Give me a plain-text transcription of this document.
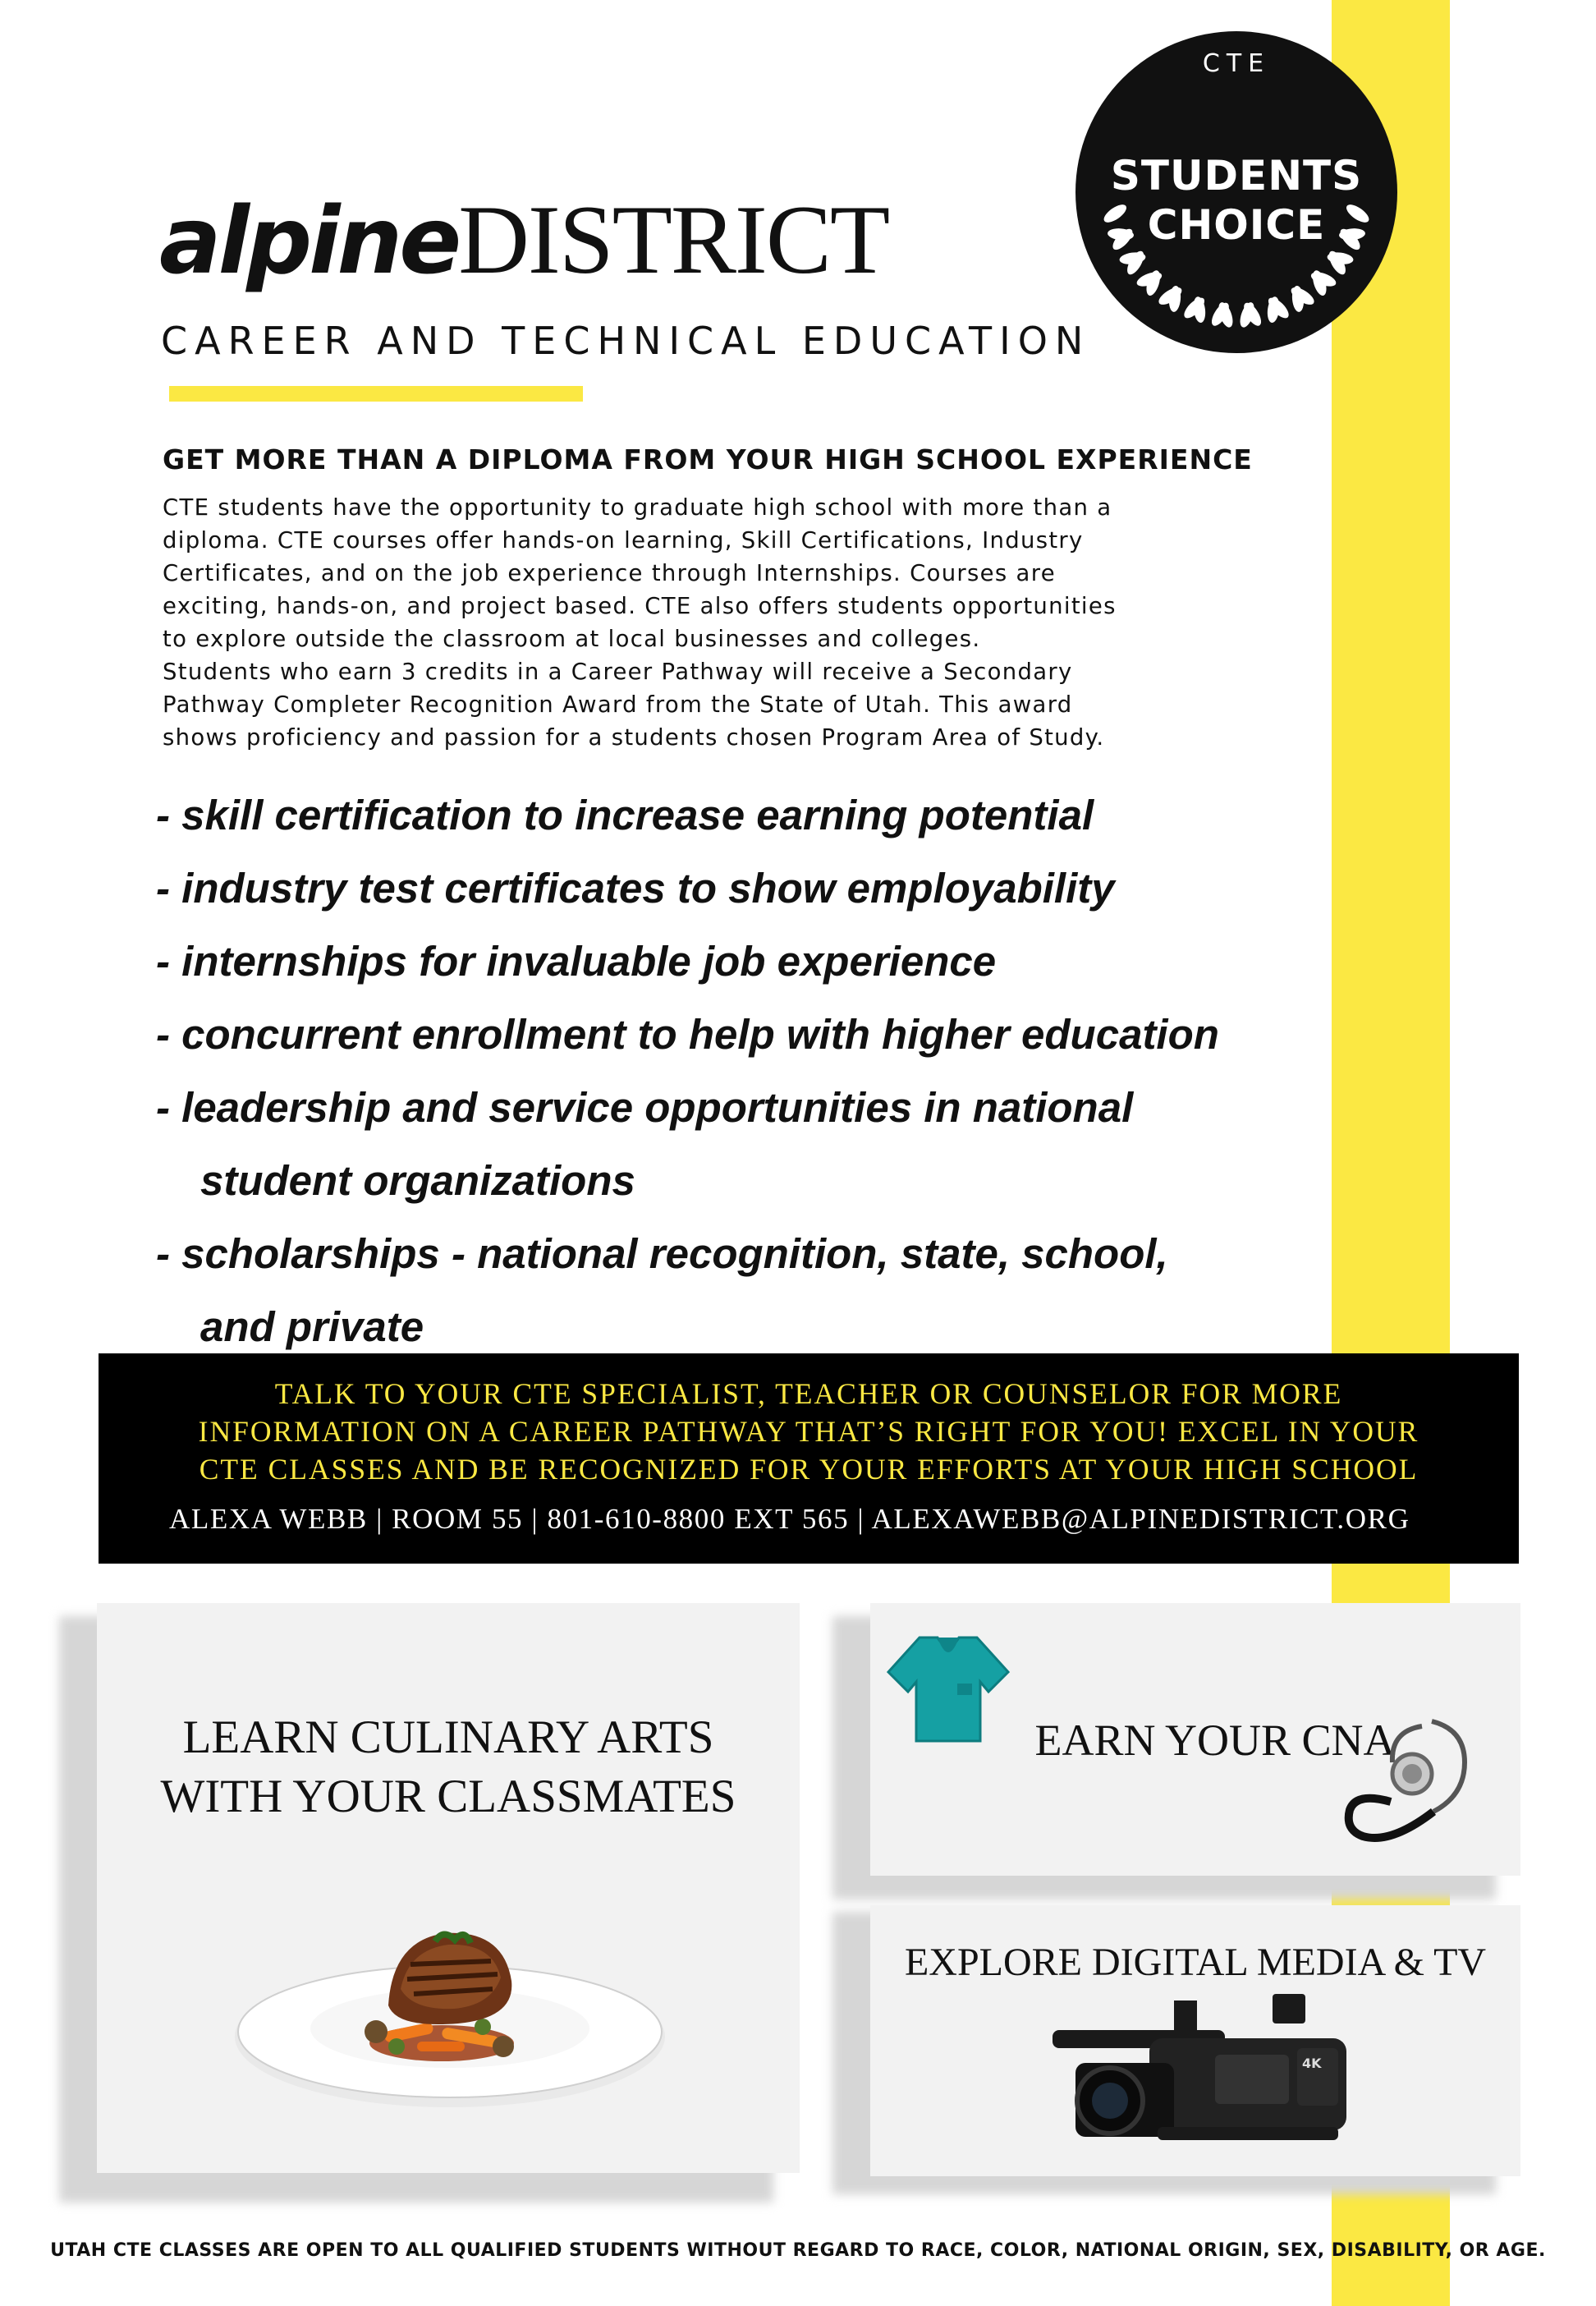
CTE
STUDENTS
CHOICE
alpineDISTRICT
CAREER AND TECHNICAL EDUCATION
GET MORE THAN A DIPLOMA FROM YOUR HIGH SCHOOL EXPERIENCE
CTE students have the opportunity to graduate high school with more than a
diploma. CTE courses offer hands-on learning, Skill Certifications, Industry
Certificates, and on the job experience through Internships. Courses are
exciting, hands-on, and project based. CTE also offers students opportunities
to explore outside the classroom at local businesses and colleges.
Students who earn 3 credits in a Career Pathway will receive a Secondary
Pathway Completer Recognition Award from the State of Utah. This award
shows proficiency and passion for a students chosen Program Area of Study.
- skill certification to increase earning potential
- industry test certificates to show employability
- internships for invaluable job experience
- concurrent enrollment to help with higher education
- leadership and service opportunities in national
student organizations
- scholarships - national recognition, state, school,
and private
TALK TO YOUR CTE SPECIALIST, TEACHER OR COUNSELOR FOR MORE
INFORMATION ON A CAREER PATHWAY THAT’S RIGHT FOR YOU! EXCEL IN YOUR
CTE CLASSES AND BE RECOGNIZED FOR YOUR EFFORTS AT YOUR HIGH SCHOOL
ALEXA WEBB | ROOM 55 | 801-610-8800 EXT 565 | ALEXAWEBB@ALPINEDISTRICT.ORG
LEARN CULINARY ARTS
WITH YOUR CLASSMATES
EARN YOUR CNA
EXPLORE DIGITAL MEDIA & TV
4K
UTAH CTE CLASSES ARE OPEN TO ALL QUALIFIED STUDENTS WITHOUT REGARD TO RACE, COLOR, NATIONAL ORIGIN, SEX, DISABILITY, OR AGE.
